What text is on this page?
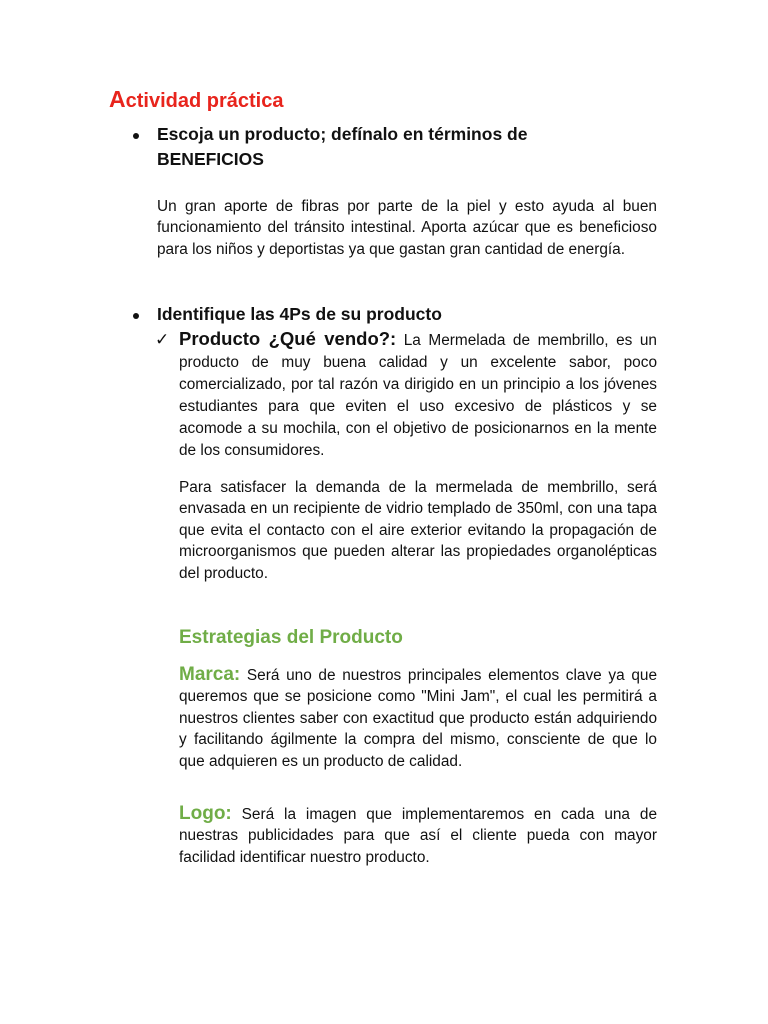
Actividad práctica
Escoja un producto; defínalo en términos de
BENEFICIOS

Un gran aporte de fibras por parte de la piel y esto ayuda al buen funcionamiento del tránsito intestinal. Aporta azúcar que es beneficioso para los niños y deportistas ya que gastan gran cantidad de energía.

Identifique las 4Ps de su producto
✓ Producto ¿Qué vendo?: La Mermelada de membrillo, es un producto de muy buena calidad y un excelente sabor, poco comercializado, por tal razón va dirigido en un principio a los jóvenes estudiantes para que eviten el uso excesivo de plásticos y se acomode a su mochila, con el objetivo de posicionarnos en la mente de los consumidores.

Para satisfacer la demanda de la mermelada de membrillo, será envasada en un recipiente de vidrio templado de 350ml, con una tapa que evita el contacto con el aire exterior evitando la propagación de microorganismos que pueden alterar las propiedades organolépticas del producto.

Estrategias del Producto

Marca: Será uno de nuestros principales elementos clave ya que queremos que se posicione como "Mini Jam", el cual les permitirá a nuestros clientes saber con exactitud que producto están adquiriendo y facilitando ágilmente la compra del mismo, consciente de que lo que adquieren es un producto de calidad.

Logo: Será la imagen que implementaremos en cada una de nuestras publicidades para que así el cliente pueda con mayor facilidad identificar nuestro producto.
